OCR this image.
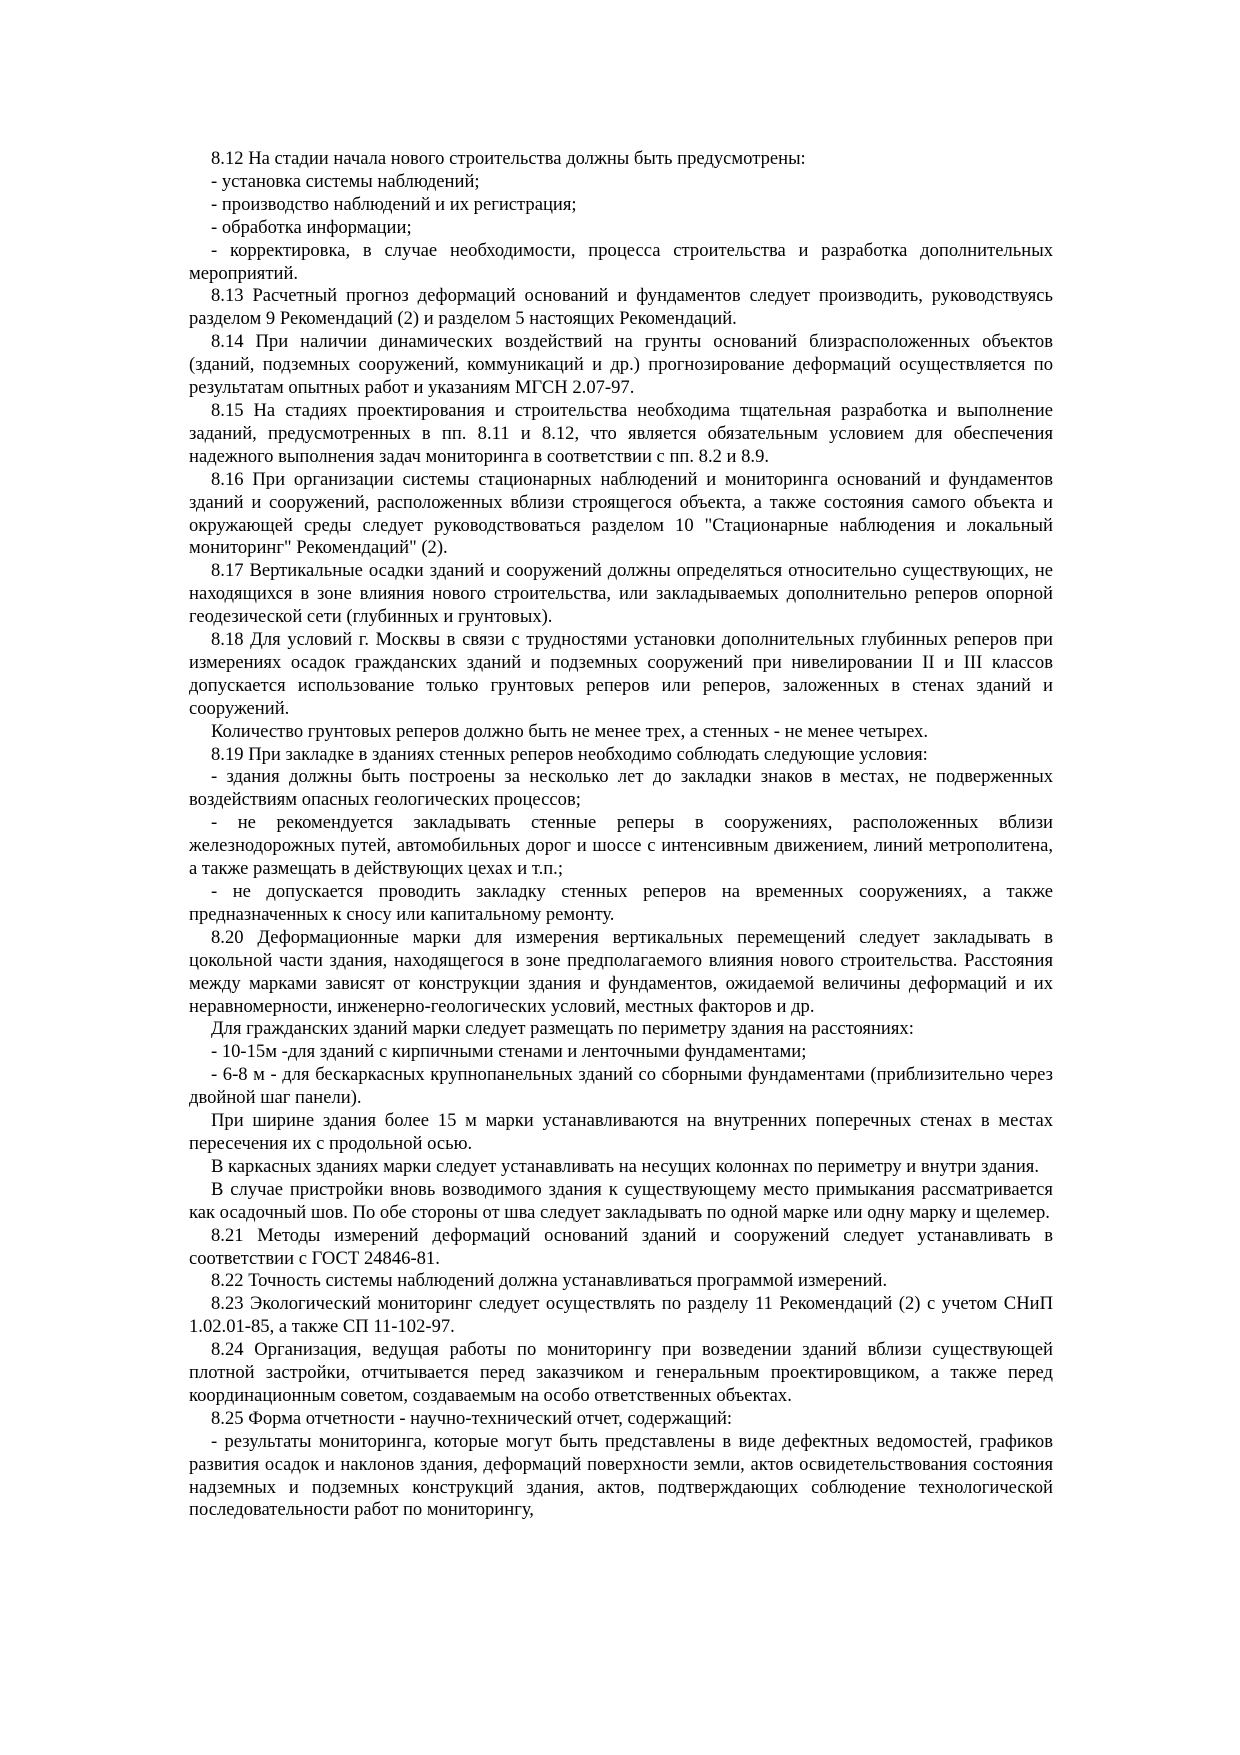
8.12 На стадии начала нового строительства должны быть предусмотрены:

- установка системы наблюдений;

- производство наблюдений и их регистрация;

- обработка информации;

- корректировка, в случае необходимости, процесса строительства и разработка дополнительных мероприятий.

8.13 Расчетный прогноз деформаций оснований и фундаментов следует производить, руководствуясь разделом 9 Рекомендаций (2) и разделом 5 настоящих Рекомендаций.

8.14 При наличии динамических воздействий на грунты оснований близрасположенных объектов (зданий, подземных сооружений, коммуникаций и др.) прогнозирование деформаций осуществляется по результатам опытных работ и указаниям МГСН 2.07-97.

8.15 На стадиях проектирования и строительства необходима тщательная разработка и выполнение заданий, предусмотренных в пп. 8.11 и 8.12, что является обязательным условием для обеспечения надежного выполнения задач мониторинга в соответствии с пп. 8.2 и 8.9.

8.16 При организации системы стационарных наблюдений и мониторинга оснований и фундаментов зданий и сооружений, расположенных вблизи строящегося объекта, а также состояния самого объекта и окружающей среды следует руководствоваться разделом 10 "Стационарные наблюдения и локальный мониторинг" Рекомендаций" (2).

8.17 Вертикальные осадки зданий и сооружений должны определяться относительно существующих, не находящихся в зоне влияния нового строительства, или закладываемых дополнительно реперов опорной геодезической сети (глубинных и грунтовых).

8.18 Для условий г. Москвы в связи с трудностями установки дополнительных глубинных реперов при измерениях осадок гражданских зданий и подземных сооружений при нивелировании II и III классов допускается использование только грунтовых реперов или реперов, заложенных в стенах зданий и сооружений.

Количество грунтовых реперов должно быть не менее трех, а стенных - не менее четырех.

8.19 При закладке в зданиях стенных реперов необходимо соблюдать следующие условия:

- здания должны быть построены за несколько лет до закладки знаков в местах, не подверженных воздействиям опасных геологических процессов;

- не рекомендуется закладывать стенные реперы в сооружениях, расположенных вблизи железнодорожных путей, автомобильных дорог и шоссе с интенсивным движением, линий метрополитена, а также размещать в действующих цехах и т.п.;

- не допускается проводить закладку стенных реперов на временных сооружениях, а также предназначенных к сносу или капитальному ремонту.

8.20 Деформационные марки для измерения вертикальных перемещений следует закладывать в цокольной части здания, находящегося в зоне предполагаемого влияния нового строительства. Расстояния между марками зависят от конструкции здания и фундаментов, ожидаемой величины деформаций и их неравномерности, инженерно-геологических условий, местных факторов и др.

Для гражданских зданий марки следует размещать по периметру здания на расстояниях:

- 10-15м -для зданий с кирпичными стенами и ленточными фундаментами;

- 6-8 м - для бескаркасных крупнопанельных зданий со сборными фундаментами (приблизительно через двойной шаг панели).

При ширине здания более 15 м марки устанавливаются на внутренних поперечных стенах в местах пересечения их с продольной осью.

В каркасных зданиях марки следует устанавливать на несущих колоннах по периметру и внутри здания.

В случае пристройки вновь возводимого здания к существующему место примыкания рассматривается как осадочный шов. По обе стороны от шва следует закладывать по одной марке или одну марку и щелемер.

8.21 Методы измерений деформаций оснований зданий и сооружений следует устанавливать в соответствии с ГОСТ 24846-81.

8.22 Точность системы наблюдений должна устанавливаться программой измерений.

8.23 Экологический мониторинг следует осуществлять по разделу 11 Рекомендаций (2) с учетом СНиП 1.02.01-85, а также СП 11-102-97.

8.24 Организация, ведущая работы по мониторингу при возведении зданий вблизи существующей плотной застройки, отчитывается перед заказчиком и генеральным проектировщиком, а также перед координационным советом, создаваемым на особо ответственных объектах.

8.25 Форма отчетности - научно-технический отчет, содержащий:

- результаты мониторинга, которые могут быть представлены в виде дефектных ведомостей, графиков развития осадок и наклонов здания, деформаций поверхности земли, актов освидетельствования состояния надземных и подземных конструкций здания, актов, подтверждающих соблюдение технологической последовательности работ по мониторингу,
